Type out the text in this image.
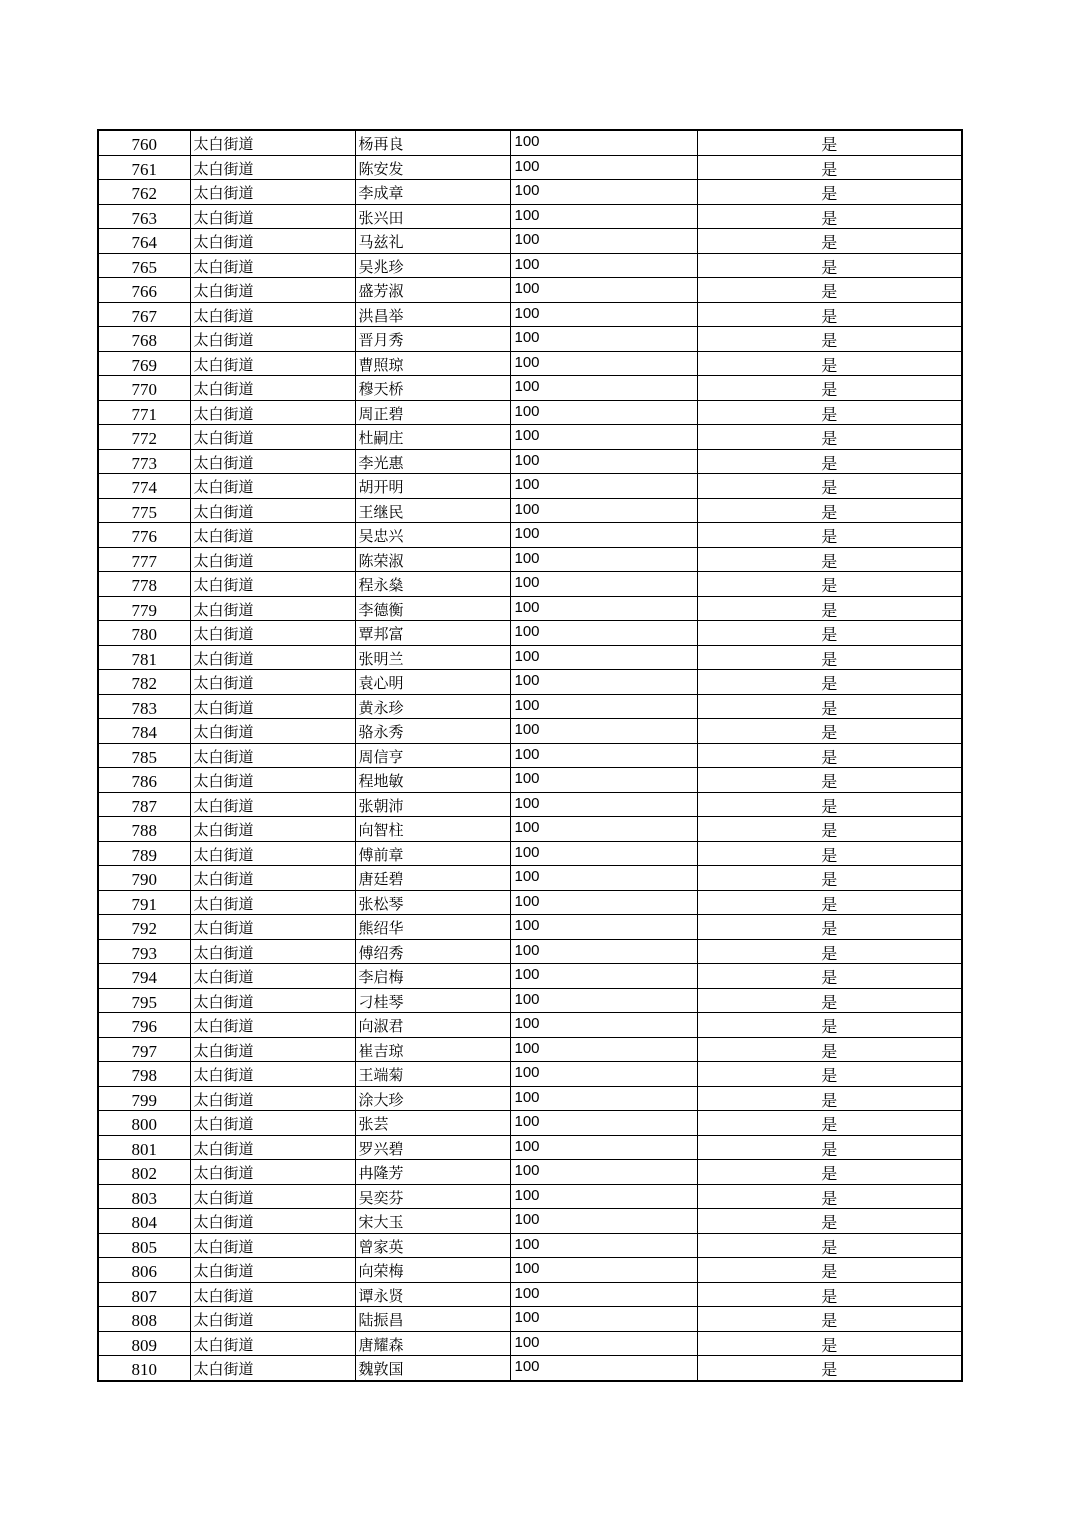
760	太白街道	杨再良	100	是
761	太白街道	陈安发	100	是
762	太白街道	李成章	100	是
763	太白街道	张兴田	100	是
764	太白街道	马兹礼	100	是
765	太白街道	吴兆珍	100	是
766	太白街道	盛芳淑	100	是
767	太白街道	洪昌举	100	是
768	太白街道	晋月秀	100	是
769	太白街道	曹照琼	100	是
770	太白街道	穆天桥	100	是
771	太白街道	周正碧	100	是
772	太白街道	杜嗣庄	100	是
773	太白街道	李光惠	100	是
774	太白街道	胡开明	100	是
775	太白街道	王继民	100	是
776	太白街道	吴忠兴	100	是
777	太白街道	陈荣淑	100	是
778	太白街道	程永燊	100	是
779	太白街道	李德衡	100	是
780	太白街道	覃邦富	100	是
781	太白街道	张明兰	100	是
782	太白街道	袁心明	100	是
783	太白街道	黄永珍	100	是
784	太白街道	骆永秀	100	是
785	太白街道	周信亨	100	是
786	太白街道	程地敏	100	是
787	太白街道	张朝沛	100	是
788	太白街道	向智柱	100	是
789	太白街道	傅前章	100	是
790	太白街道	唐廷碧	100	是
791	太白街道	张松琴	100	是
792	太白街道	熊绍华	100	是
793	太白街道	傅绍秀	100	是
794	太白街道	李启梅	100	是
795	太白街道	刁桂琴	100	是
796	太白街道	向淑君	100	是
797	太白街道	崔吉琼	100	是
798	太白街道	王端菊	100	是
799	太白街道	涂大珍	100	是
800	太白街道	张芸	100	是
801	太白街道	罗兴碧	100	是
802	太白街道	冉隆芳	100	是
803	太白街道	吴奕芬	100	是
804	太白街道	宋大玉	100	是
805	太白街道	曾家英	100	是
806	太白街道	向荣梅	100	是
807	太白街道	谭永贤	100	是
808	太白街道	陆振昌	100	是
809	太白街道	唐耀森	100	是
810	太白街道	魏敦国	100	是
